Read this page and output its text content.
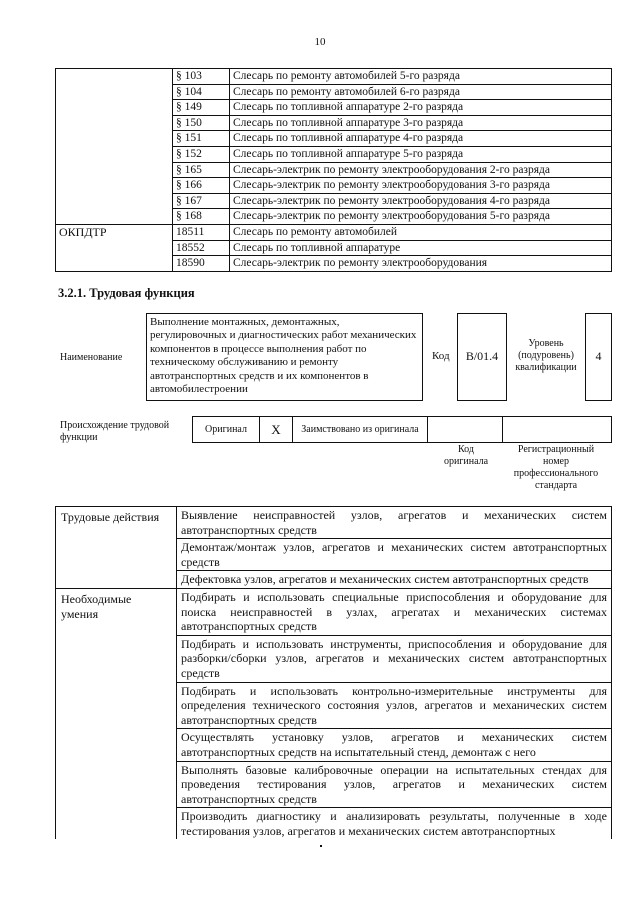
10
	§ 103	Слесарь по ремонту автомобилей 5-го разряда
	§ 104	Слесарь по ремонту автомобилей 6-го разряда
	§ 149	Слесарь по топливной аппаратуре 2-го разряда
	§ 150	Слесарь по топливной аппаратуре 3-го разряда
	§ 151	Слесарь по топливной аппаратуре 4-го разряда
	§ 152	Слесарь по топливной аппаратуре 5-го разряда
	§ 165	Слесарь-электрик по ремонту электрооборудования 2-го разряда
	§ 166	Слесарь-электрик по ремонту электрооборудования 3-го разряда
	§ 167	Слесарь-электрик по ремонту электрооборудования 4-го разряда
	§ 168	Слесарь-электрик по ремонту электрооборудования 5-го разряда
ОКПДТР	18511	Слесарь по ремонту автомобилей
	18552	Слесарь по топливной аппаратуре
	18590	Слесарь-электрик по ремонту электрооборудования
3.2.1. Трудовая функция
Наименование
Выполнение монтажных, демонтажных, регулировочных и диагностических работ механических компонентов в процессе выполнения работ по техническому обслуживанию и ремонту автотранспортных средств и их компонентов в автомобилестроении
Код	В/01.4
Уровень (подуровень) квалификации
4
Происхождение трудовой функции
Оригинал	X	Заимствовано из оригинала		
Код оригинала
Регистрационный номер профессионального стандарта
Трудовые действия	Выявление неисправностей узлов, агрегатов и механических систем автотранспортных средств
	Демонтаж/монтаж узлов, агрегатов и механических систем автотранспортных средств
	Дефектовка узлов, агрегатов и механических систем автотранспортных средств
Необходимые умения	Подбирать и использовать специальные приспособления и оборудование для поиска неисправностей в узлах, агрегатах и механических системах автотранспортных средств
	Подбирать и использовать инструменты, приспособления и оборудование для разборки/сборки узлов, агрегатов и механических систем автотранспортных средств
	Подбирать и использовать контрольно-измерительные инструменты для определения технического состояния узлов, агрегатов и механических систем автотранспортных средств
	Осуществлять установку узлов, агрегатов и механических систем автотранспортных средств на испытательный стенд, демонтаж с него
	Выполнять базовые калибровочные операции на испытательных стендах для проведения тестирования узлов, агрегатов и механических систем автотранспортных средств
	Производить диагностику и анализировать результаты, полученные в ходе тестирования узлов, агрегатов и механических систем автотранспортных
